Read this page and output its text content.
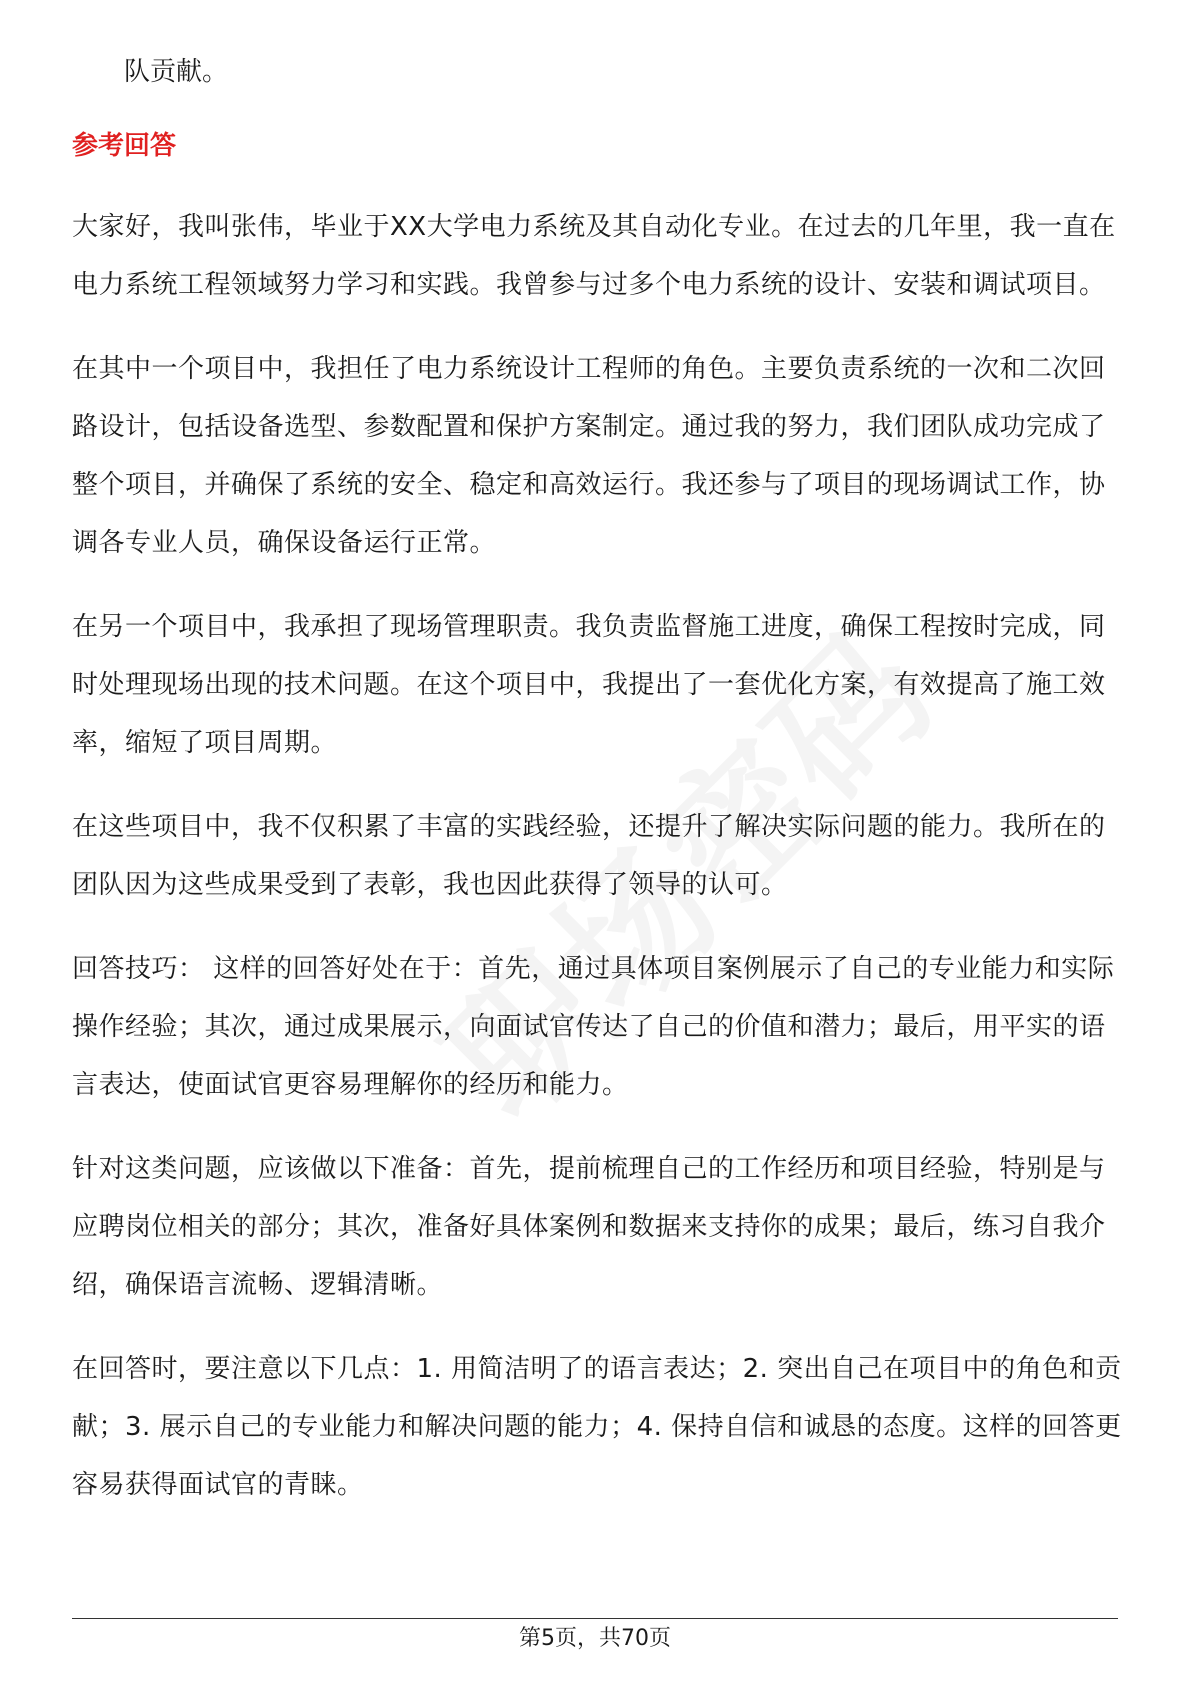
队贡献。
参考回答

大家好，我叫张伟，毕业于XX大学电力系统及其自动化专业。在过去的几年里，我一直在电力系统工程领域努力学习和实践。我曾参与过多个电力系统的设计、安装和调试项目。

在其中一个项目中，我担任了电力系统设计工程师的角色。主要负责系统的一次和二次回路设计，包括设备选型、参数配置和保护方案制定。通过我的努力，我们团队成功完成了整个项目，并确保了系统的安全、稳定和高效运行。我还参与了项目的现场调试工作，协调各专业人员，确保设备运行正常。

在另一个项目中，我承担了现场管理职责。我负责监督施工进度，确保工程按时完成，同时处理现场出现的技术问题。在这个项目中，我提出了一套优化方案，有效提高了施工效率，缩短了项目周期。

在这些项目中，我不仅积累了丰富的实践经验，还提升了解决实际问题的能力。我所在的团队因为这些成果受到了表彰，我也因此获得了领导的认可。

回答技巧： 这样的回答好处在于：首先，通过具体项目案例展示了自己的专业能力和实际操作经验；其次，通过成果展示，向面试官传达了自己的价值和潜力；最后，用平实的语言表达，使面试官更容易理解你的经历和能力。

针对这类问题，应该做以下准备：首先，提前梳理自己的工作经历和项目经验，特别是与应聘岗位相关的部分；其次，准备好具体案例和数据来支持你的成果；最后，练习自我介绍，确保语言流畅、逻辑清晰。

在回答时，要注意以下几点：1. 用简洁明了的语言表达；2. 突出自己在项目中的角色和贡献；3. 展示自己的专业能力和解决问题的能力；4. 保持自信和诚恳的态度。这样的回答更容易获得面试官的青睐。

第5页，共70页
